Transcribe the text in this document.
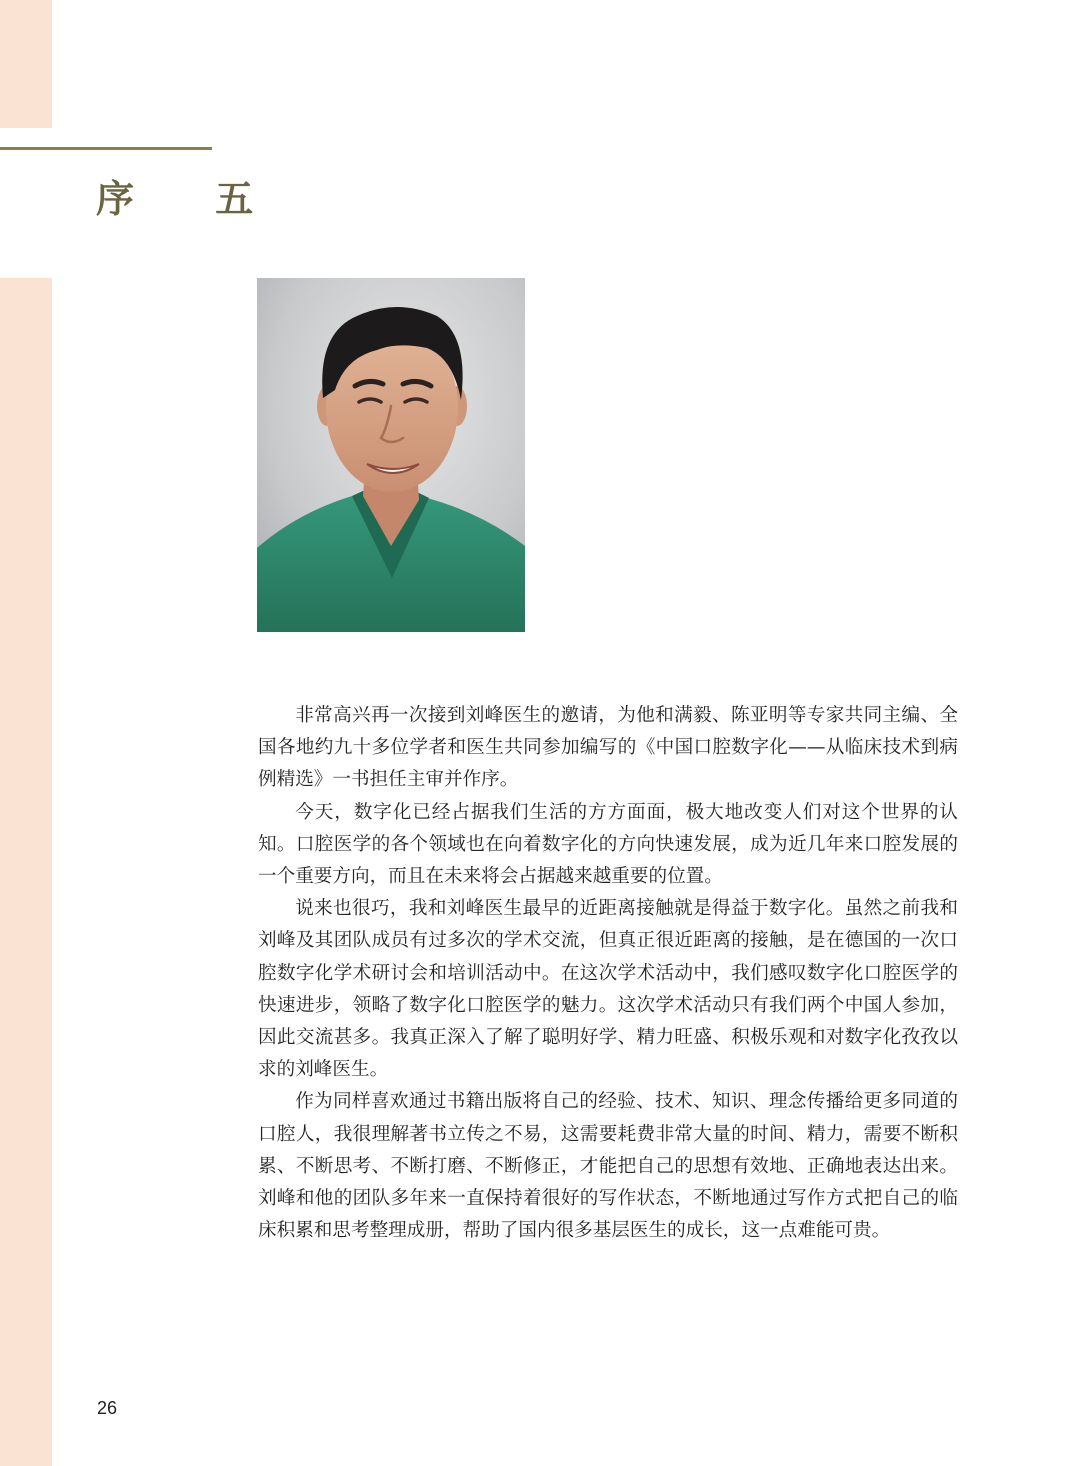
序 五

非常高兴再一次接到刘峰医生的邀请，为他和满毅、陈亚明等专家共同主编、全国各地约九十多位学者和医生共同参加编写的《中国口腔数字化——从临床技术到病例精选》一书担任主审并作序。

今天，数字化已经占据我们生活的方方面面，极大地改变人们对这个世界的认知。口腔医学的各个领域也在向着数字化的方向快速发展，成为近几年来口腔发展的一个重要方向，而且在未来将会占据越来越重要的位置。

说来也很巧，我和刘峰医生最早的近距离接触就是得益于数字化。虽然之前我和刘峰及其团队成员有过多次的学术交流，但真正很近距离的接触，是在德国的一次口腔数字化学术研讨会和培训活动中。在这次学术活动中，我们感叹数字化口腔医学的快速进步，领略了数字化口腔医学的魅力。这次学术活动只有我们两个中国人参加，因此交流甚多。我真正深入了解了聪明好学、精力旺盛、积极乐观和对数字化孜孜以求的刘峰医生。

作为同样喜欢通过书籍出版将自己的经验、技术、知识、理念传播给更多同道的口腔人，我很理解著书立传之不易，这需要耗费非常大量的时间、精力，需要不断积累、不断思考、不断打磨、不断修正，才能把自己的思想有效地、正确地表达出来。刘峰和他的团队多年来一直保持着很好的写作状态，不断地通过写作方式把自己的临床积累和思考整理成册，帮助了国内很多基层医生的成长，这一点难能可贵。

26
